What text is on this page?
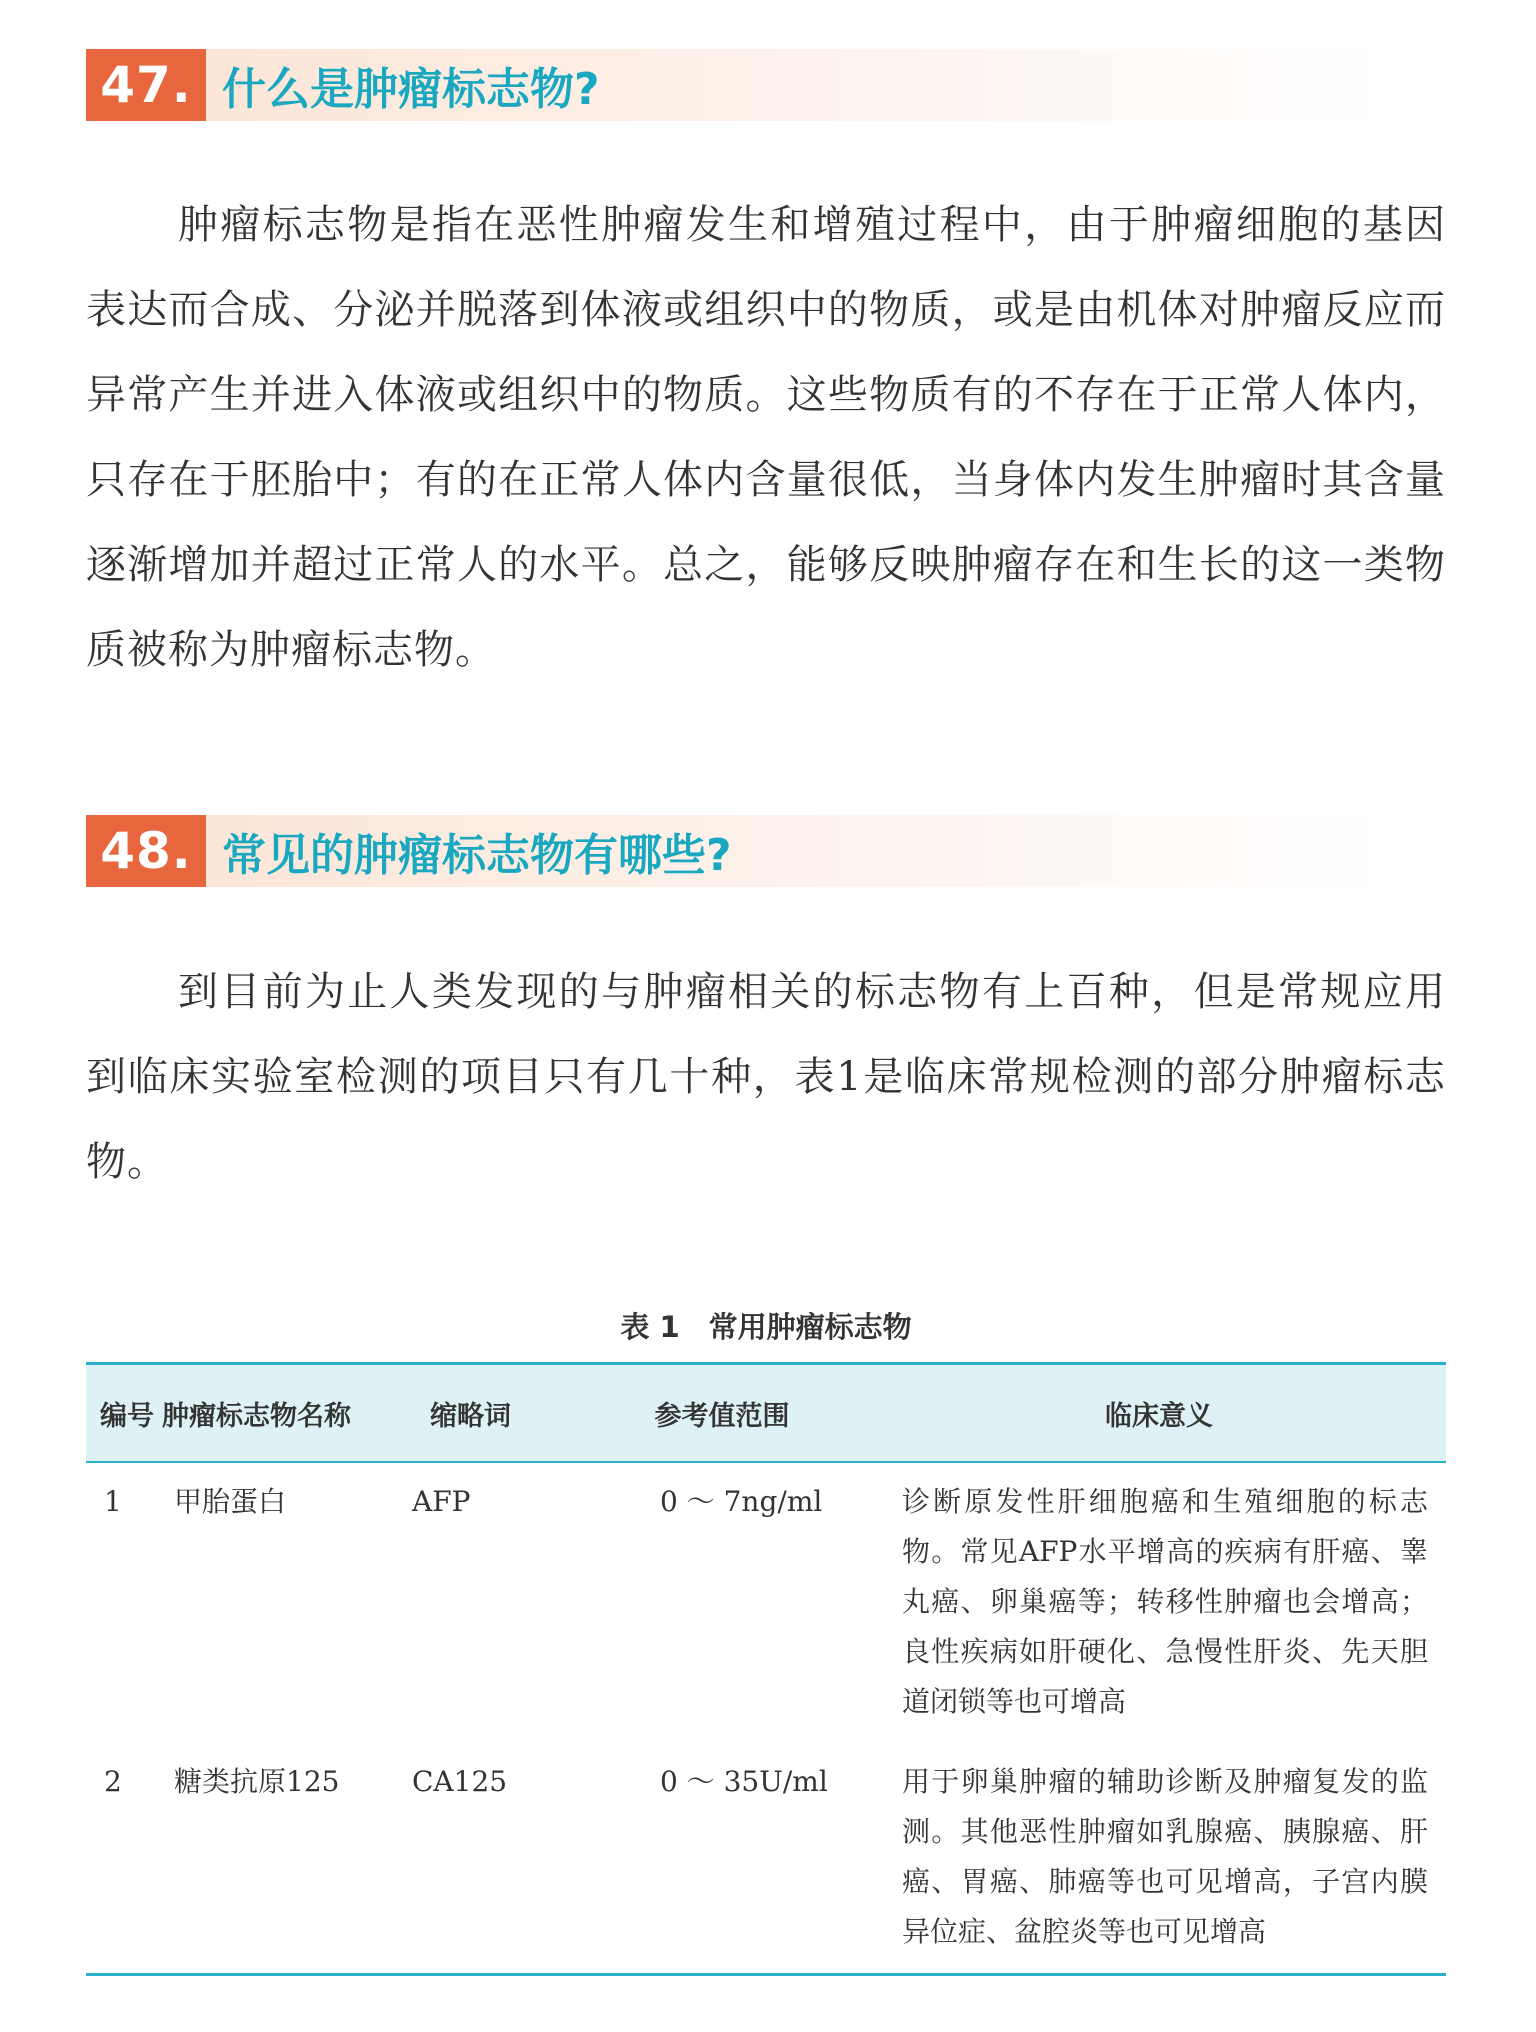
47. 什么是肿瘤标志物?

肿瘤标志物是指在恶性肿瘤发生和增殖过程中，由于肿瘤细胞的基因表达而合成、分泌并脱落到体液或组织中的物质，或是由机体对肿瘤反应而异常产生并进入体液或组织中的物质。这些物质有的不存在于正常人体内，只存在于胚胎中；有的在正常人体内含量很低，当身体内发生肿瘤时其含量逐渐增加并超过正常人的水平。总之，能够反映肿瘤存在和生长的这一类物质被称为肿瘤标志物。

48. 常见的肿瘤标志物有哪些?

到目前为止人类发现的与肿瘤相关的标志物有上百种，但是常规应用到临床实验室检测的项目只有几十种，表1是临床常规检测的部分肿瘤标志物。

表 1　常用肿瘤标志物
编号	肿瘤标志物名称	缩略词	参考值范围	临床意义
1	甲胎蛋白	AFP	0 ～ 7ng/ml	诊断原发性肝细胞癌和生殖细胞的标志物。常见AFP水平增高的疾病有肝癌、睾丸癌、卵巢癌等；转移性肿瘤也会增高；良性疾病如肝硬化、急慢性肝炎、先天胆道闭锁等也可增高
2	糖类抗原125	CA125	0 ～ 35U/ml	用于卵巢肿瘤的辅助诊断及肿瘤复发的监测。其他恶性肿瘤如乳腺癌、胰腺癌、肝癌、胃癌、肺癌等也可见增高，子宫内膜异位症、盆腔炎等也可见增高
